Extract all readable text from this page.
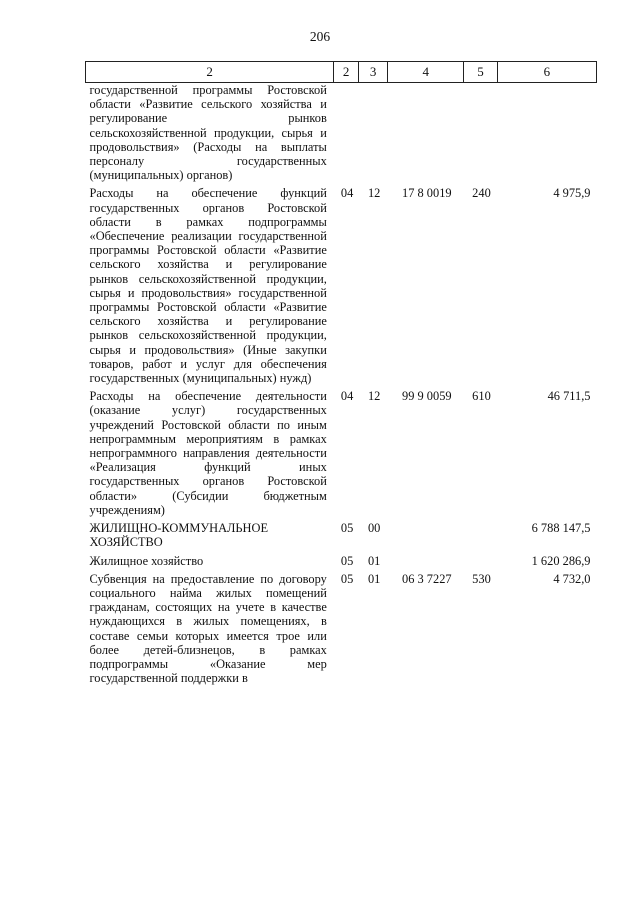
206
2	2	3	4	5	6
государственной программы Ростовской области «Развитие сельского хозяйства и регулирование рынков сельскохозяйственной продукции, сырья и продовольствия» (Расходы на выплаты персоналу государственных (муниципальных) органов)					
Расходы на обеспечение функций государственных органов Ростовской области в рамках подпрограммы «Обеспечение реализации государственной программы Ростовской области «Развитие сельского хозяйства и регулирование рынков сельскохозяйственной продукции, сырья и продовольствия» государственной программы Ростовской области «Развитие сельского хозяйства и регулирование рынков сельскохозяйственной продукции, сырья и продовольствия» (Иные закупки товаров, работ и услуг для обеспечения государственных (муниципальных) нужд)	04	12	17 8 0019	240	4 975,9
Расходы на обеспечение деятельности (оказание услуг) государственных учреждений Ростовской области по иным непрограммным мероприятиям в рамках непрограммного направления деятельности «Реализация функций иных государственных органов Ростовской области» (Субсидии бюджетным учреждениям)	04	12	99 9 0059	610	46 711,5
ЖИЛИЩНО-КОММУНАЛЬНОЕ ХОЗЯЙСТВО	05	00			6 788 147,5
Жилищное хозяйство	05	01			1 620 286,9
Субвенция на предоставление по договору социального найма жилых помещений гражданам, состоящих на учете в качестве нуждающихся в жилых помещениях, в составе семьи которых имеется трое или более детей-близнецов, в рамках подпрограммы «Оказание мер государственной поддержки в	05	01	06 3 7227	530	4 732,0
